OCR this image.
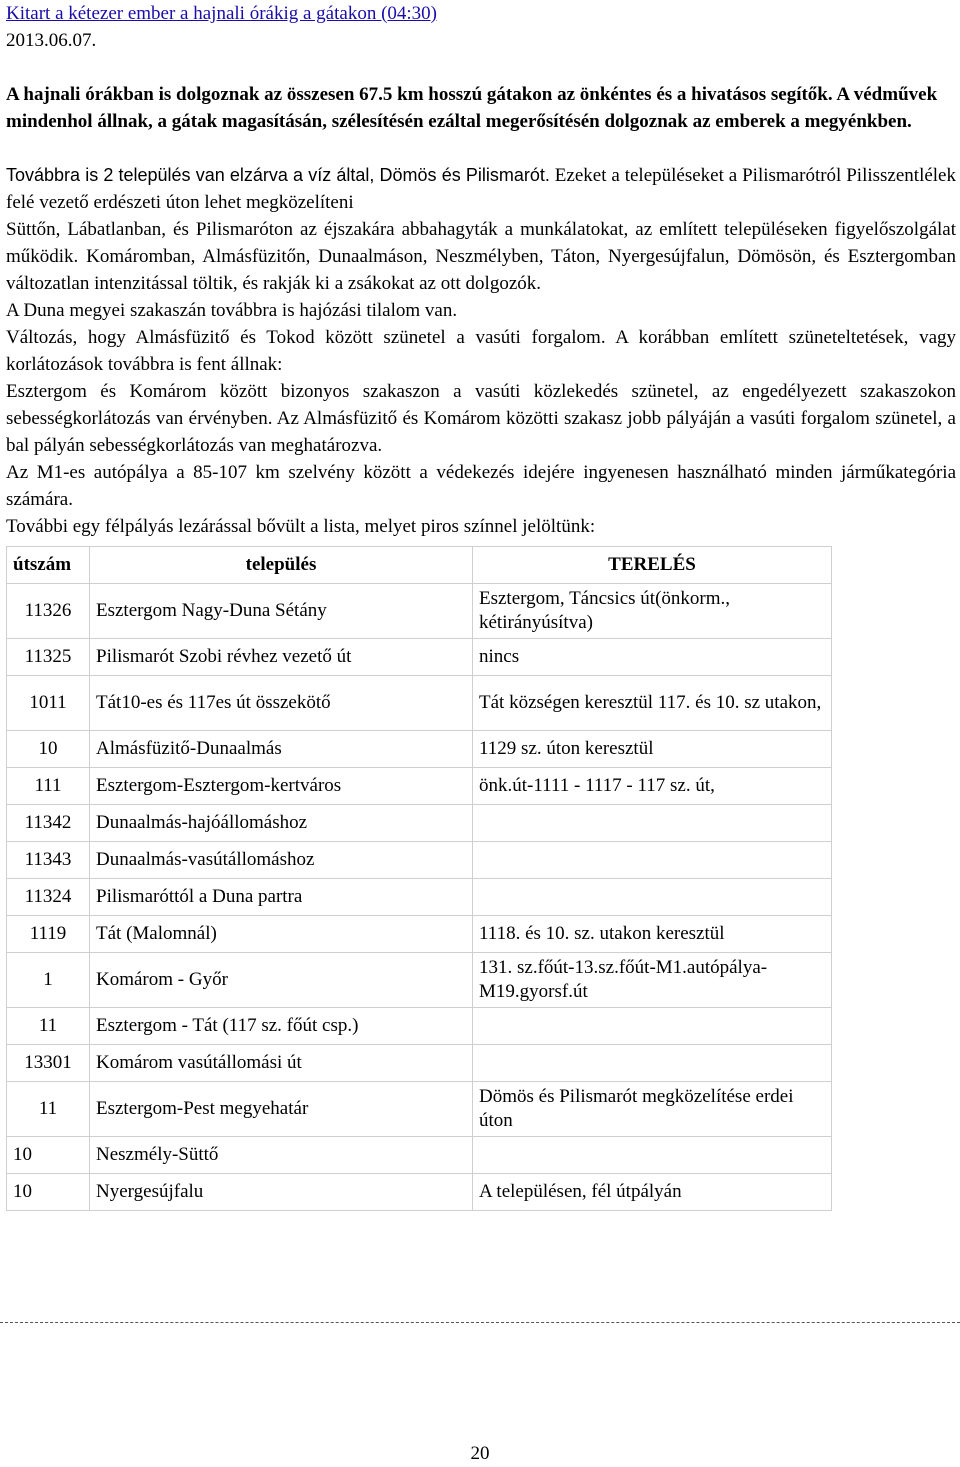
Kitart a kétezer ember a hajnali órákig a gátakon (04:30)
2013.06.07.

A hajnali órákban is dolgoznak az összesen 67.5 km hosszú gátakon az önkéntes és a hivatásos segítők. A védművek mindenhol állnak, a gátak magasításán, szélesítésén ezáltal megerősítésén dolgoznak az emberek a megyénkben.

Továbbra is 2 település van elzárva a víz által, Dömös és Pilismarót. Ezeket a településeket a Pilismarótról Pilisszentlélek felé vezető erdészeti úton lehet megközelíteni

Süttőn, Lábatlanban, és Pilismaróton az éjszakára abbahagyták a munkálatokat, az említett településeken figyelőszolgálat működik. Komáromban, Almásfüzitőn, Dunaalmáson, Neszmélyben, Táton, Nyergesújfalun, Dömösön, és Esztergomban változatlan intenzitással töltik, és rakják ki a zsákokat az ott dolgozók.

A Duna megyei szakaszán továbbra is hajózási tilalom van.

Változás, hogy Almásfüzitő és Tokod között szünetel a vasúti forgalom. A korábban említett szüneteltetések, vagy korlátozások továbbra is fent állnak:

Esztergom és Komárom között bizonyos szakaszon a vasúti közlekedés szünetel, az engedélyezett szakaszokon sebességkorlátozás van érvényben. Az Almásfüzitő és Komárom közötti szakasz jobb pályáján a vasúti forgalom szünetel, a bal pályán sebességkorlátozás van meghatározva.

Az M1-es autópálya a 85-107 km szelvény között a védekezés idejére ingyenesen használható minden járműkategória számára.

További egy félpályás lezárással bővült a lista, melyet piros színnel jelöltünk:

útszám	település	TERELÉS
11326	Esztergom Nagy-Duna Sétány	Esztergom, Táncsics út(önkorm., kétirányúsítva)
11325	Pilismarót Szobi révhez vezető út	nincs
1011	Tát10-es és 117es út összekötő	Tát községen keresztül 117. és 10. sz utakon,
10	Almásfüzitő-Dunaalmás	1129 sz. úton keresztül
111	Esztergom-Esztergom-kertváros	önk.út-1111 - 1117 - 117 sz. út,
11342	Dunaalmás-hajóállomáshoz	
11343	Dunaalmás-vasútállomáshoz	
11324	Pilismaróttól a Duna partra	
1119	Tát (Malomnál)	1118. és 10. sz. utakon keresztül
1	Komárom - Győr	131. sz.főút-13.sz.főút-M1.autópálya-M19.gyorsf.út
11	Esztergom - Tát (117 sz. főút csp.)	
13301	Komárom vasútállomási út	
11	Esztergom-Pest megyehatár	Dömös és Pilismarót megközelítése erdei úton
10	Neszmély-Süttő	
10	Nyergesújfalu	A településen, fél útpályán
20
